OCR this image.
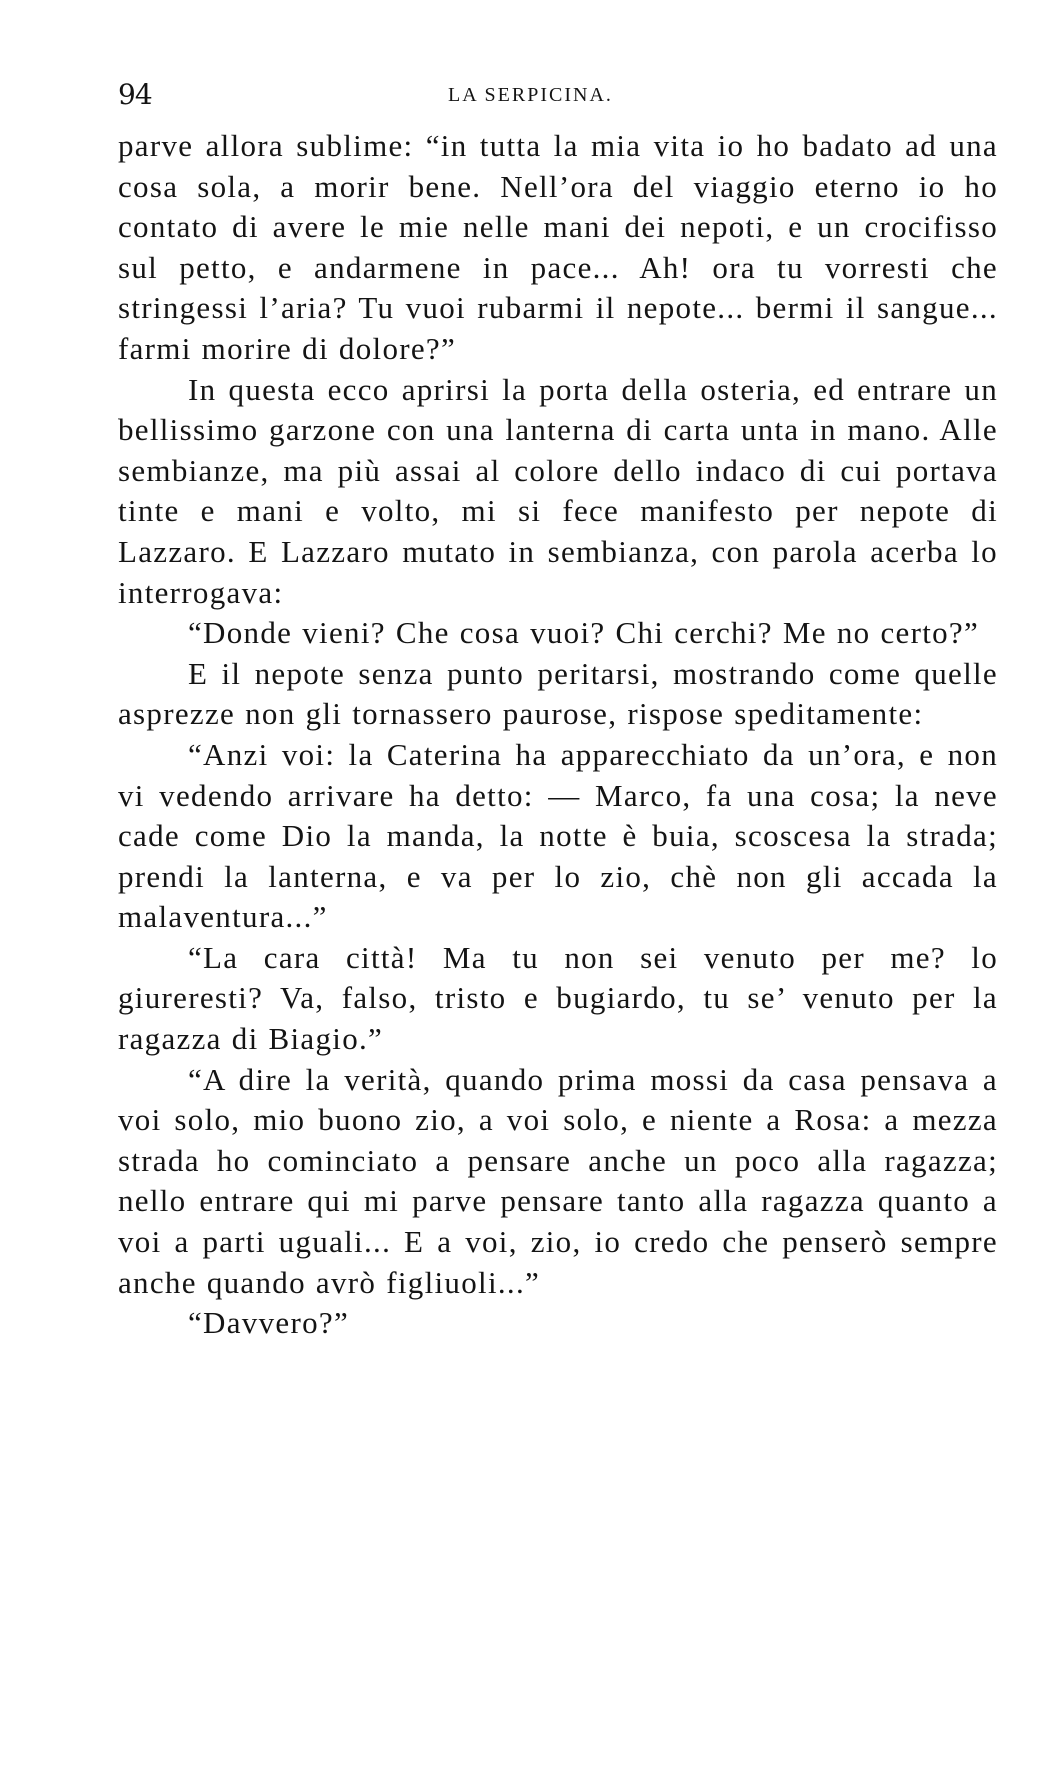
94	LA SERPICINA.

parve allora sublime: “in tutta la mia vita io ho badato ad una cosa sola, a morir bene. Nell’ora del viaggio eterno io ho contato di avere le mie nelle mani dei nepoti, e un crocifisso sul petto, e andarmene in pace... Ah! ora tu vorresti che stringessi l’aria? Tu vuoi rubarmi il nepote... bermi il sangue... farmi morire di dolore?”

In questa ecco aprirsi la porta della osteria, ed entrare un bellissimo garzone con una lanterna di carta unta in mano. Alle sembianze, ma più assai al colore dello indaco di cui portava tinte e mani e volto, mi si fece manifesto per nepote di Lazzaro. E Lazzaro mutato in sembianza, con parola acerba lo interrogava:

“Donde vieni? Che cosa vuoi? Chi cerchi? Me no certo?”

E il nepote senza punto peritarsi, mostrando come quelle asprezze non gli tornassero paurose, rispose speditamente:

“Anzi voi: la Caterina ha apparecchiato da un’ora, e non vi vedendo arrivare ha detto: — Marco, fa una cosa; la neve cade come Dio la manda, la notte è buia, scoscesa la strada; prendi la lanterna, e va per lo zio, chè non gli accada la malaventura...”

“La cara città! Ma tu non sei venuto per me? lo giureresti? Va, falso, tristo e bugiardo, tu se’ venuto per la ragazza di Biagio.”

“A dire la verità, quando prima mossi da casa pensava a voi solo, mio buono zio, a voi solo, e niente a Rosa: a mezza strada ho cominciato a pensare anche un poco alla ragazza; nello entrare qui mi parve pensare tanto alla ragazza quanto a voi a parti uguali... E a voi, zio, io credo che penserò sempre anche quando avrò figliuoli...”

“Davvero?”
